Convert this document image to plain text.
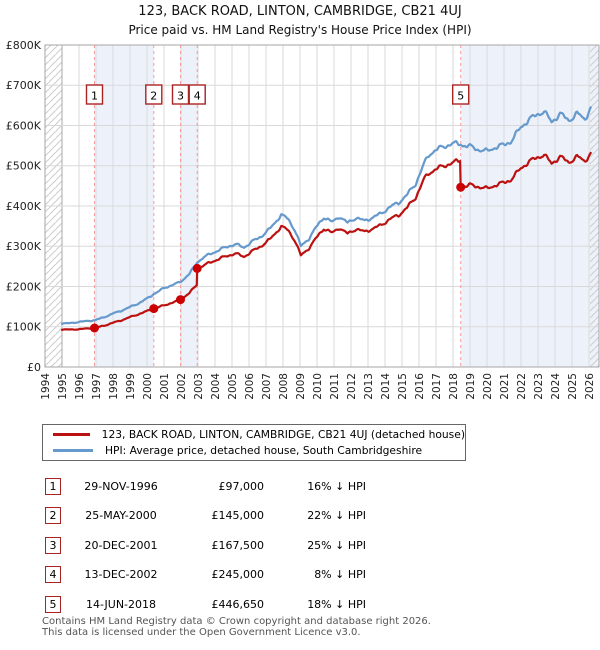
123, BACK ROAD, LINTON, CAMBRIDGE, CB21 4UJ
Price paid vs. HM Land Registry's House Price Index (HPI)
1	2 3 4	5
£0
£100K
£200K
£300K
£400K
£500K
£600K
£700K
£800K
1994 1995 1996 1997 1998 1999 2000 2001 2002 2003 2004 2005 2006 2007 2008 2009 2010 2011 2012 2013 2014 2015 2016 2017 2018 2019 2020 2021 2022 2023 2024 2025 2026
123, BACK ROAD, LINTON, CAMBRIDGE, CB21 4UJ (detached house)
HPI: Average price, detached house, South Cambridgeshire
1	29-NOV-1996	£97,000	16% ↓ HPI
2	25-MAY-2000	£145,000	22% ↓ HPI
3	20-DEC-2001	£167,500	25% ↓ HPI
4	13-DEC-2002	£245,000	8% ↓ HPI
5	14-JUN-2018	£446,650	18% ↓ HPI
Contains HM Land Registry data © Crown copyright and database right 2026.
This data is licensed under the Open Government Licence v3.0.
